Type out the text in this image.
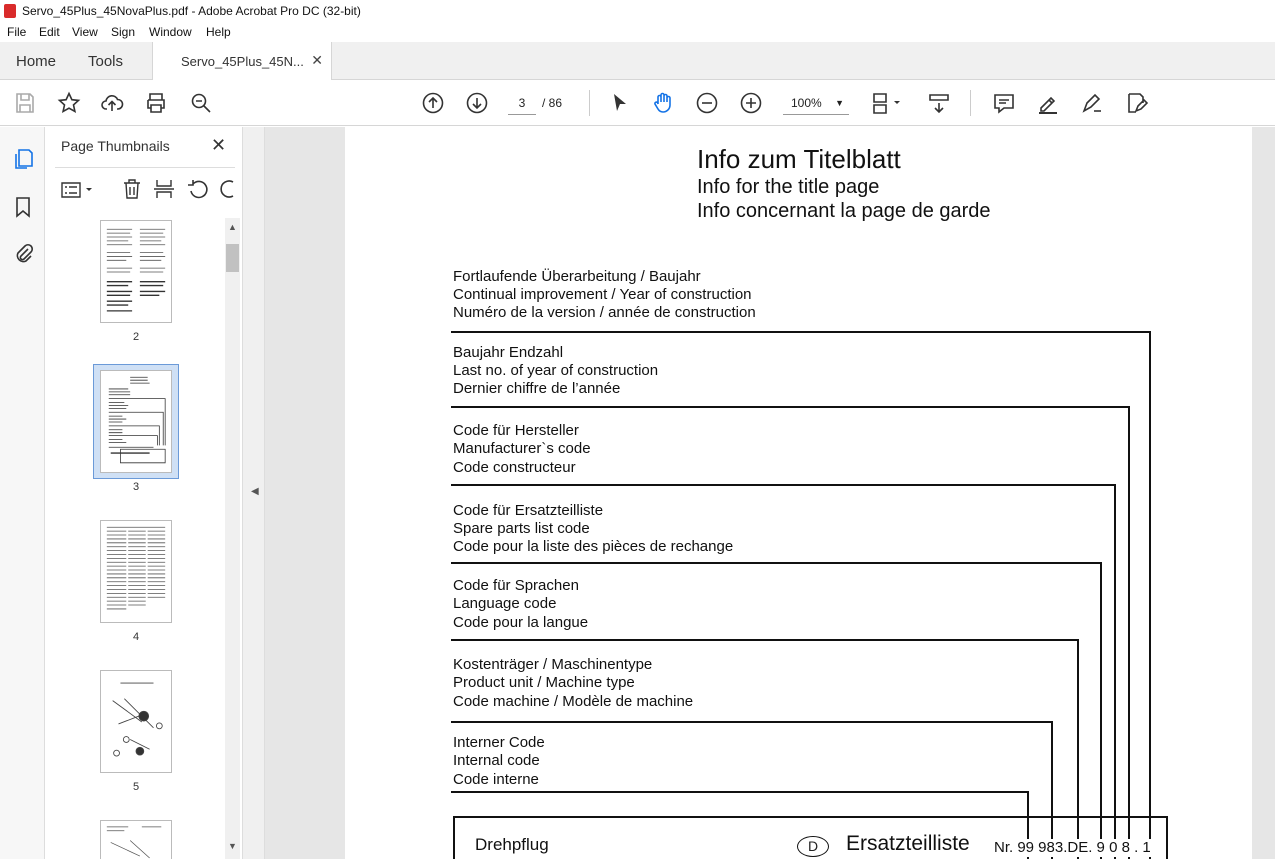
Servo_45Plus_45NovaPlus.pdf - Adobe Acrobat Pro DC (32-bit)
File Edit View Sign Window Help
Home Tools	Servo_45Plus_45N... ✕
3	/ 86	100% ▼
Page Thumbnails ✕
2
3
4
5
▲
▼
◀
Info zum Titelblatt
Info for the title page
Info concernant la page de garde
Fortlaufende Überarbeitung / Baujahr
Continual improvement / Year of construction
Numéro de la version / année de construction
Baujahr Endzahl
Last no. of year of construction
Dernier chiffre de l’année
Code für Hersteller
Manufacturer`s code
Code constructeur
Code für Ersatzteilliste
Spare parts list code
Code pour la liste des pièces de rechange
Code für Sprachen
Language code
Code pour la langue
Kostenträger / Maschinentype
Product unit / Machine type
Code machine / Modèle de machine
Interner Code
Internal code
Code interne
Drehpflug	D	Ersatzteilliste Nr. 99 983.DE. 9 0 8 . 1
